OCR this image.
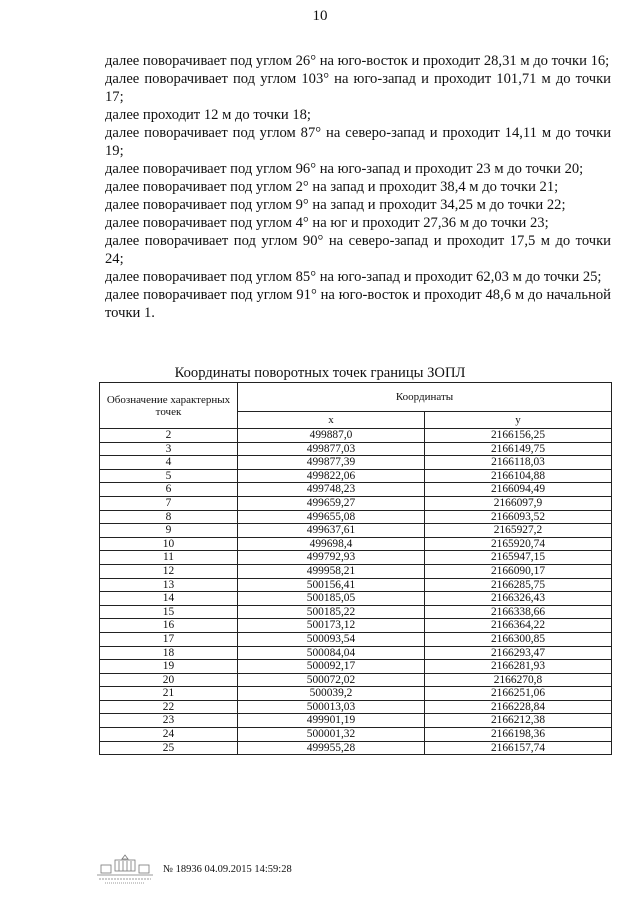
10

далее поворачивает под углом 26° на юго-восток и проходит 28,31 м до точки 16;

далее поворачивает под углом 103° на юго-запад и проходит 101,71 м до точки 17;

далее проходит 12 м до точки 18;

далее поворачивает под углом 87° на северо-запад и проходит 14,11 м до точки 19;

далее поворачивает под углом 96° на юго-запад и проходит 23 м до точки 20;

далее поворачивает под углом 2° на запад и проходит 38,4 м до точки 21;

далее поворачивает под углом 9° на запад и проходит 34,25 м до точки 22;

далее поворачивает под углом 4° на юг и проходит 27,36 м до точки 23;

далее поворачивает под углом 90° на северо-запад и проходит 17,5 м до точки 24;

далее поворачивает под углом 85° на юго-запад и проходит 62,03 м до точки 25;

далее поворачивает под углом 91° на юго-восток и проходит 48,6 м до начальной точки 1.

Координаты поворотных точек границы ЗОПЛ
Обозначение характерных точек	Координаты	
	x	y
2	499887,0	2166156,25
3	499877,03	2166149,75
4	499877,39	2166118,03
5	499822,06	2166104,88
6	499748,23	2166094,49
7	499659,27	2166097,9
8	499655,08	2166093,52
9	499637,61	2165927,2
10	499698,4	2165920,74
11	499792,93	2165947,15
12	499958,21	2166090,17
13	500156,41	2166285,75
14	500185,05	2166326,43
15	500185,22	2166338,66
16	500173,12	2166364,22
17	500093,54	2166300,85
18	500084,04	2166293,47
19	500092,17	2166281,93
20	500072,02	2166270,8
21	500039,2	2166251,06
22	500013,03	2166228,84
23	499901,19	2166212,38
24	500001,32	2166198,36
25	499955,28	2166157,74
№ 18936 04.09.2015 14:59:28
